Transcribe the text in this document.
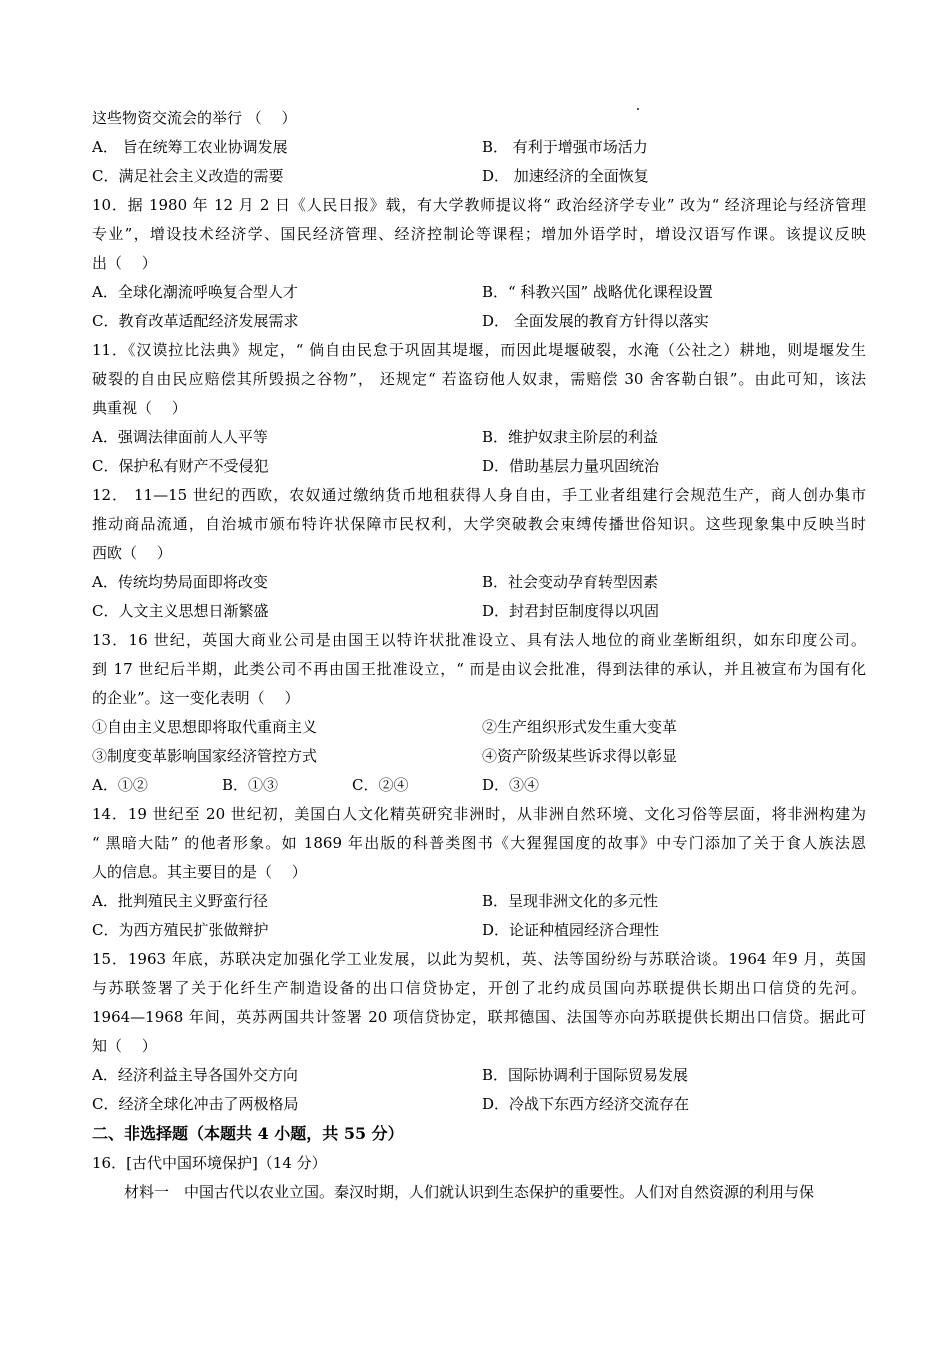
这些物资交流会的举行 （　 ）
A． 旨在统筹工农业协调发展	B． 有利于增强市场活力
C．满足社会主义改造的需要	D． 加速经济的全面恢复
10．据 1980 年 12 月 2 日《人民日报》载，有大学教师提议将“ 政治经济学专业” 改为“ 经济理论与经济管理
专业”，增设技术经济学、国民经济管理、经济控制论等课程；增加外语学时，增设汉语写作课。该提议反映
出（　 ）
A．全球化潮流呼唤复合型人才	B．“ 科教兴国” 战略优化课程设置
C．教育改革适配经济发展需求	D． 全面发展的教育方针得以落实
11．《汉谟拉比法典》规定，“ 倘自由民怠于巩固其堤堰，而因此堤堰破裂，水淹（公社之）耕地，则堤堰发生
破裂的自由民应赔偿其所毁损之谷物”， 还规定“ 若盗窃他人奴隶，需赔偿 30 舍客勒白银”。由此可知，该法
典重视（　 ）
A．强调法律面前人人平等	B．维护奴隶主阶层的利益
C．保护私有财产不受侵犯	D．借助基层力量巩固统治
12． 11—15 世纪的西欧，农奴通过缴纳货币地租获得人身自由，手工业者组建行会规范生产，商人创办集市
推动商品流通，自治城市颁布特许状保障市民权利，大学突破教会束缚传播世俗知识。这些现象集中反映当时
西欧（　 ）
A．传统均势局面即将改变	B．社会变动孕育转型因素
C．人文主义思想日渐繁盛	D．封君封臣制度得以巩固
13．16 世纪，英国大商业公司是由国王以特许状批准设立、具有法人地位的商业垄断组织，如东印度公司。
到 17 世纪后半期，此类公司不再由国王批准设立，“ 而是由议会批准，得到法律的承认，并且被宣布为国有化
的企业”。这一变化表明（　 ）
①自由主义思想即将取代重商主义	②生产组织形式发生重大变革
③制度变革影响国家经济管控方式	④资产阶级某些诉求得以彰显
A．①②	B．①③	C．②④	D．③④
14．19 世纪至 20 世纪初，美国白人文化精英研究非洲时，从非洲自然环境、文化习俗等层面，将非洲构建为
“ 黑暗大陆” 的他者形象。如 1869 年出版的科普类图书《大猩猩国度的故事》中专门添加了关于食人族法恩
人的信息。其主要目的是（　 ）
A．批判殖民主义野蛮行径	B．呈现非洲文化的多元性
C．为西方殖民扩张做辩护	D．论证种植园经济合理性
15．1963 年底，苏联决定加强化学工业发展，以此为契机，英、法等国纷纷与苏联洽谈。1964 年9 月，英国
与苏联签署了关于化纤生产制造设备的出口信贷协定，开创了北约成员国向苏联提供长期出口信贷的先河。
1964—1968 年间，英苏两国共计签署 20 项信贷协定，联邦德国、法国等亦向苏联提供长期出口信贷。据此可
知（　 ）
A．经济利益主导各国外交方向	B．国际协调利于国际贸易发展
C．经济全球化冲击了两极格局	D．冷战下东西方经济交流存在
二、非选择题（本题共 4 小题，共 55 分）
16．[古代中国环境保护]（14 分）
材料一　中国古代以农业立国。秦汉时期，人们就认识到生态保护的重要性。人们对自然资源的利用与保
